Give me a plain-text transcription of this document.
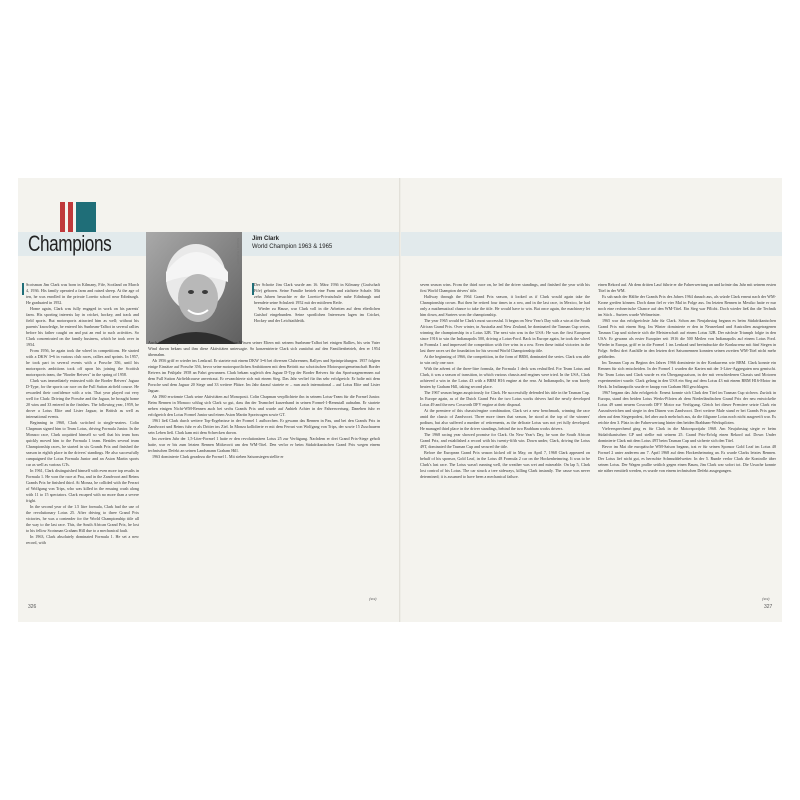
Champions	ARCHIVE / FOTOS Jim Clark
World Champion 1963 & 1965

Scotsman Jim Clark was born in Kilmany, Fife, Scotland on March 4, 1936. His family operated a farm and raised sheep. At the age of ten, he was enrolled in the private Loretto school near Edinburgh. He graduated in 1952.

Home again, Clark was fully engaged in work on his parents' farm. His sporting interests lay in cricket, hockey, and track and field sports. But motorsports attracted him as well; without his parents' knowledge, he entered his Sunbeam-Talbot in several rallies before his father caught on and put an end to such activities. So Clark concentrated on the family business, which he took over in 1954.

From 1956, he again took the wheel in competitions. He started with a DKW 3=6 in various club races, rallies and sprints. In 1957, he took part in several events with a Porsche 356, until his motorsports ambitions took off upon his joining the Scottish motorsports team, the "Border Reivers" in the spring of 1958.

Clark was immediately entrusted with the Border Reivers' Jaguar D-Type, for the sports car race on the Full Sutton airfield course. He rewarded their confidence with a win. That year played out very well for Clark: Driving the Porsche and the Jaguar, he brought home 20 wins and 33 entered in the finishes. The following year, 1959, he drove a Lotus Elite and Lister Jaguar, in British as well as international events.

Beginning in 1960, Clark switched to single-seaters. Colin Chapman signed him to Team Lotus, driving Formula Junior. In the Monaco race, Clark acquitted himself so well that his team boss quickly moved him to the Formula 1 team. Besides several team Championship races, he started in six Grands Prix and finished the season in eighth place in the drivers' standings. He also successfully campaigned the Lotus Formula Junior and an Aston Martin sports car as well as various GTs.

In 1961, Clark distinguished himself with even more top results in Formula 1. He won the race at Pau, and in the Zandvoort and Reims Grands Prix he finished third. At Monza, he collided with the Ferrari of Wolfgang von Trips, who was killed in the ensuing crash along with 11 to 15 spectators. Clark escaped with no more than a severe fright.

In the second year of the 1.5 litre formula, Clark had the use of the revolutionary Lotus 25. After driving to three Grand Prix victories, he was a contender for the World Championship title all the way to the last race. This, the South African Grand Prix, he lost to his fellow Scotsman Graham Hill due to a mechanical fault.

In 1963, Clark absolutely dominated Formula 1. He set a new record, with

Der Schotte Jim Clark wurde am 16. März 1936 in Kilmany (Grafschaft Fife) geboren. Seine Familie betrieb eine Farm und züchtete Schafe. Mit zehn Jahren besuchte er die Loretto-Privatschule nahe Edinburgh und beendete seine Schulzeit 1952 mit der mittleren Reife.

Wieder zu Hause, war Clark voll in die Arbeiten auf dem elterlichen Gutshof eingebunden. Seine sportlichen Interessen lagen im Cricket, Hockey und der Leichtathletik.

Auch der Motorsport lockte ihn an – er startete ohne Wissen seiner Eltern mit seinem Sunbeam-Talbot bei einigen Rallies, bis sein Vater Wind davon bekam und ihm diese Aktivitäten untersagte. So konzentrierte Clark sich zunächst auf den Familienbetrieb, den er 1954 übernahm.

Ab 1956 griff er wieder ins Lenkrad. Er startete mit einem DKW 3=6 bei diversen Clubrennen, Rallyes und Sprintprüfungen. 1957 folgten einige Einsätze auf Porsche 356, bevor seine motorsportlichen Ambitionen mit dem Beitritt zur schottischen Motorsportgemeinschaft Border Reivers im Frühjahr 1958 an Fahrt gewannen. Clark bekam sogleich den Jaguar D-Typ der Border Reivers für das Sportwagenrennen auf dem Full Sutton Airfieldcourse anvertraut. Er revanchierte sich mit einem Sieg. Das Jahr verlief für ihn sehr erfolgreich: Er holte mit dem Porsche und dem Jaguar 20 Siege und 33 weitere Plätze. Im Jahr darauf startete er – nun auch international – auf Lotus Elite und Lister Jaguar.

Ab 1960 erwärmte Clark seine Aktivitäten auf Monoposti. Colin Chapman verpflichtete ihn in seinem Lotus-Team für die Formel Junior. Beim Rennen in Monaco schlug sich Clark so gut, dass ihn der Teamchef kurzerhand in seinen Formel-1-Rennstall aufnahm. Er startete neben einigen Nicht-WM-Rennen auch bei sechs Grands Prix und wurde auf Anhieb Achter in der Fahrerwertung. Daneben fuhr er erfolgreich den Lotus Formel Junior und einen Aston Martin Sportwagen sowie GT.

1961 ließ Clark durch weitere Top-Ergebnisse in der Formel 1 aufhorchen. Er gewann das Rennen in Pau, und bei den Grands Prix in Zandvoort und Reims fuhr er als Dritter ins Ziel. In Monza kollidierte er mit dem Ferrari von Wolfgang von Trips, der sowie 15 Zuschauern sein Leben ließ. Clark kam mit dem Schrecken davon.

Im zweiten Jahr der 1,5-Liter-Formel 1 hatte er den revolutionären Lotus 25 zur Verfügung. Nachdem er drei Grand Prix-Siege geholt hatte, war er bis zum letzten Rennen Mitfavorit um den WM-Titel. Den verlor er beim Südafrikanischen Grand Prix wegen einem technischen Defekt an seinen Landsmann Graham Hill.

1963 dominierte Clark geradezu die Formel 1. Mit sieben Saisonsiegen stellte er

seven season wins. From the third race on, he led the driver standings, and finished the year with his first World Champion drivers' title.

Halfway through the 1964 Grand Prix season, it looked as if Clark would again take the Championship crown. But then he retired four times in a row, and in the last race, in Mexico, he had only a mathematical chance to take the title. He would have to win. But once again, the machinery let him down, and Surtees won the championship.

The year 1965 would be Clark's most successful. It began on New Year's Day with a win at the South African Grand Prix. Over winter, in Australia and New Zealand, he dominated the Tasman Cup series, winning the championship in a Lotus 32B. The next win was in the USA: He was the first European since 1916 to win the Indianapolis 500, driving a Lotus-Ford. Back in Europe again, he took the wheel in Formula 1 and impressed the competition with five wins in a row. Even these initial victories in the last three races set the foundation for his second World Championship title.

At the beginning of 1966, the competition, in the form of BRM, dominated the series. Clark was able to win only one race.

With the advent of the three-litre formula, the Formula 1 deck was reshuffled. For Team Lotus and Clark, it was a season of transition, in which various chassis and engines were tried. In the USA, Clark achieved a win in the Lotus 43 with a BRM H16 engine at the rear. At Indianapolis, he was barely beaten by Graham Hill, taking second place.

The 1967 season began auspiciously for Clark. He successfully defended his title in the Tasman Cup. In Europe again, as of the Dutch Grand Prix the two Lotus works drivers had the newly developed Lotus 49 and the new Cosworth DFV engine at their disposal.

At the premiere of this chassis/engine combination, Clark set a new benchmark, winning the race amid the classic of Zandvoort. Three more times that season, he stood at the top of the winners' podium, but also suffered a number of retirements, as the delicate Lotus was not yet fully developed. He managed third place in the driver standings, behind the two Brabham works drivers.

The 1968 racing year showed promise for Clark. On New Year's Day, he won the South African Grand Prix, and established a record with his twenty-fifth win. Down under, Clark, driving the Lotus 49T, dominated the Tasman Cup and secured the title.

Before the European Grand Prix season kicked off in May, on April 7, 1968 Clark appeared on behalf of his sponsor, Gold Leaf, in the Lotus 48 Formula 2 car on the Hockenheimring. It was to be Clark's last race. The Lotus wasn't running well, the weather was wet and miserable. On lap 5, Clark lost control of his Lotus. The car struck a tree sideways, killing Clark instantly. The cause was never determined; it is assumed to have been a mechanical failure.

einen Rekord auf. Ab dem dritten Lauf führte er die Fahrerwertung an und krönte das Jahr mit seinem ersten Titel in der WM.

Es sah nach der Hälfte der Grands Prix des Jahres 1964 danach aus, als würde Clark erneut nach der WM-Krone greifen können. Doch dann fiel er vier Mal in Folge aus. Im letzten Rennen in Mexiko hatte er nur noch eine rechnerische Chance auf den WM-Titel. Ein Sieg war Pflicht. Doch wieder ließ ihn die Technik im Stich – Surtees wurde Weltmeister.

1965 war das erfolgreichste Jahr für Clark. Schon am Neujahrstag begann es beim Südafrikanischen Grand Prix mit einem Sieg. Im Winter dominierte er den in Neuseeland und Australien ausgetragenen Tasman Cup und sicherte sich die Meisterschaft auf einem Lotus 32B. Der nächste Triumph folgte in den USA: Er gewann als erster Europäer seit 1916 die 500 Meilen von Indianapolis auf einem Lotus Ford. Wieder in Europa, griff er in die Formel 1 ins Lenkrad und beeindruckte die Konkurrenz mit fünf Siegen in Folge. Selbst drei Ausfälle in den letzten drei Saisonrennen konnten seinen zweiten WM-Titel nicht mehr gefährden.

Im Tasman Cup zu Beginn des Jahres 1966 dominierte in der Konkurrenz wie BRM. Clark konnte ein Rennen für sich entscheiden. In der Formel 1 wurden die Karten mit der 3-Liter-Aggregaten neu gemischt. Für Team Lotus und Clark wurde es ein Übergangssaison, in der mit verschiedenen Chassis und Motoren experimentiert wurde. Clark gelang in den USA ein Sieg auf dem Lotus 43 mit einem BRM H16-Motor im Heck. In Indianapolis wurde er knapp von Graham Hill geschlagen.

1967 begann das Jahr erfolgreich: Erneut konnte sich Clark den Titel im Tasman Cup sichern. Zurück in Europa, stand den beiden Lotus Werks-Piloten ab dem Niederländischen Grand Prix der neu entwickelte Lotus 49 samt neuem Cosworth DFV Motor zur Verfügung. Gleich bei dieser Premiere setzte Clark ein Ausrufezeichen und siegte in den Dünen von Zandvoort. Drei weitere Male stand er bei Grands Prix ganz oben auf dem Siegerpodest, fiel aber auch mehrfach aus, da die filigrane Lotus noch nicht ausgereift war. Es reichte den 3. Platz in der Fahrerwertung hinter den beiden Brabham-Werkspiloten.

Vielversprechend ging es für Clark in die Motorsportjahr 1968. Am Neujahrstag siegte er beim Südafrikanischen GP und stellte mit seinem 25. Grand Prix-Erfolg einen Rekord auf. Down Under dominierte Clark mit dem Lotus 49T beim Tasman Cup und sicherte sich den Titel.

Bevor im Mai die europäische WM-Saison begann, trat er für seinen Sponsor Gold Leaf im Lotus 48 Formel 2 unter anderem am 7. April 1968 auf dem Hockenheimring an. Es wurde Clarks letztes Rennen. Der Lotus lief nicht gut, es herrschte Schmuddelwetter. In der 5. Runde verlor Clark die Kontrolle über seinen Lotus. Der Wagen prallte seitlich gegen einen Baum, Jim Clark war sofort tot. Die Ursache konnte nie näher ermittelt werden, es wurde von einem technischen Defekt ausgegangen.

(sw)	(sw)
326	327
